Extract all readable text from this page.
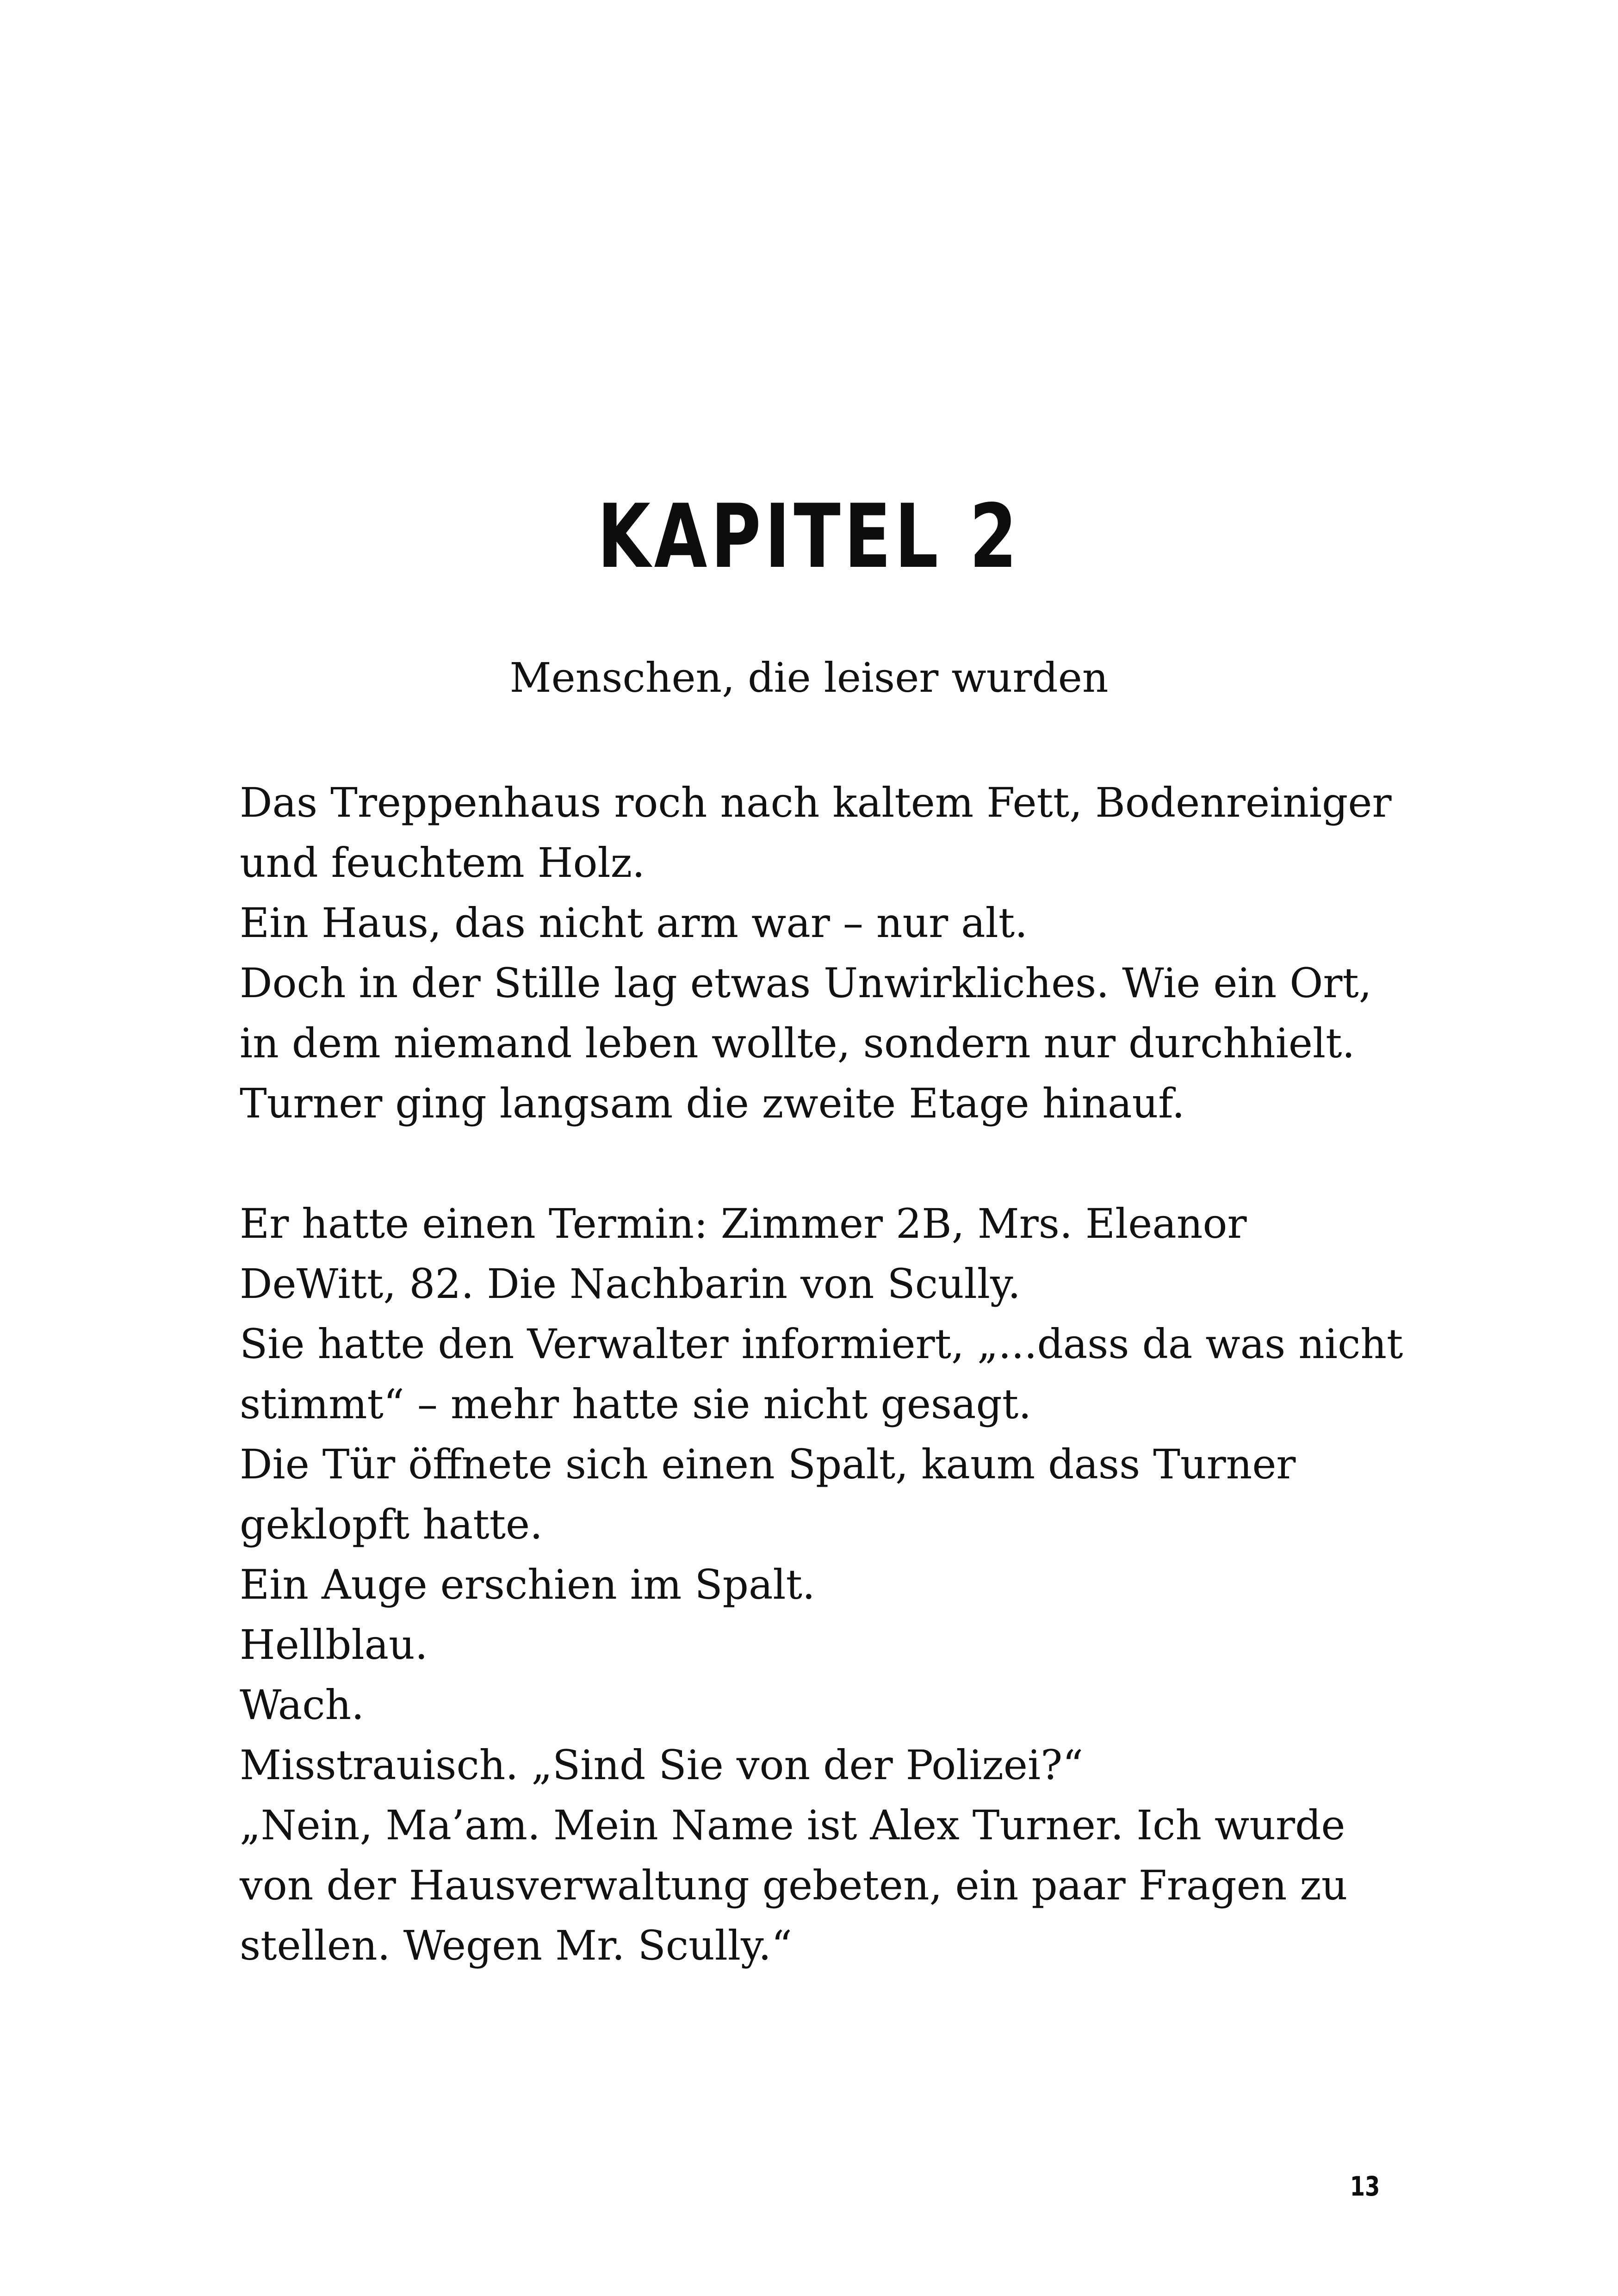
KAPITEL 2
Menschen, die leiser wurden
Das Treppenhaus roch nach kaltem Fett, Bodenreiniger
und feuchtem Holz.
Ein Haus, das nicht arm war – nur alt.
Doch in der Stille lag etwas Unwirkliches. Wie ein Ort,
in dem niemand leben wollte, sondern nur durchhielt.
Turner ging langsam die zweite Etage hinauf.
Er hatte einen Termin: Zimmer 2B, Mrs. Eleanor
DeWitt, 82. Die Nachbarin von Scully.
Sie hatte den Verwalter informiert, „...dass da was nicht
stimmt“ – mehr hatte sie nicht gesagt.
Die Tür öffnete sich einen Spalt, kaum dass Turner
geklopft hatte.
Ein Auge erschien im Spalt.
Hellblau.
Wach.
Misstrauisch. „Sind Sie von der Polizei?“
„Nein, Ma’am. Mein Name ist Alex Turner. Ich wurde
von der Hausverwaltung gebeten, ein paar Fragen zu
stellen. Wegen Mr. Scully.“
13
